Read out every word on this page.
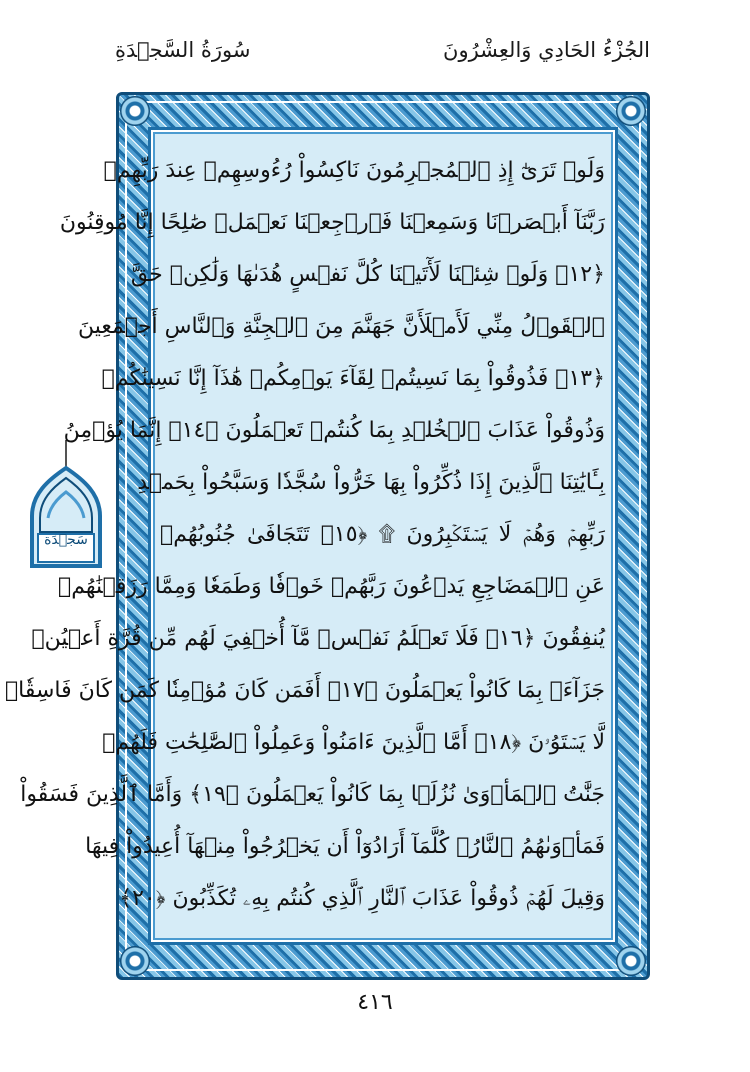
الجُزْءُ الحَادِي وَالعِشْرُونَ
سُورَةُ السَّجۡدَةِ
وَلَوۡ تَرَىٰٓ إِذِ ٱلۡمُجۡرِمُونَ نَاكِسُواْ رُءُوسِهِمۡ عِندَ رَبِّهِمۡ
رَبَّنَآ أَبۡصَرۡنَا وَسَمِعۡنَا فَٱرۡجِعۡنَا نَعۡمَلۡ صَٰلِحًا إِنَّا مُوقِنُونَ
﴿١٢﴾ وَلَوۡ شِئۡنَا لَأٓتَيۡنَا كُلَّ نَفۡسٍ هُدَىٰهَا وَلَٰكِنۡ حَقَّ
ٱلۡقَوۡلُ مِنِّي لَأَمۡلَأَنَّ جَهَنَّمَ مِنَ ٱلۡجِنَّةِ وَٱلنَّاسِ أَجۡمَعِينَ
﴿١٣﴾ فَذُوقُواْ بِمَا نَسِيتُمۡ لِقَآءَ يَوۡمِكُمۡ هَٰذَآ إِنَّا نَسِينَٰكُمۡ
وَذُوقُواْ عَذَابَ ٱلۡخُلۡدِ بِمَا كُنتُمۡ تَعۡمَلُونَ ﴿١٤﴾ إِنَّمَا يُؤۡمِنُ
بِـَٔايَٰتِنَا ٱلَّذِينَ إِذَا ذُكِّرُواْ بِهَا خَرُّواْ سُجَّدٗا وَسَبَّحُواْ بِحَمۡدِ
رَبِّهِمۡ وَهُمۡ لَا يَسۡتَكۡبِرُونَ ۩ ﴿١٥﴾ تَتَجَافَىٰ جُنُوبُهُمۡ
عَنِ ٱلۡمَضَاجِعِ يَدۡعُونَ رَبَّهُمۡ خَوۡفٗا وَطَمَعٗا وَمِمَّا رَزَقۡنَٰهُمۡ
يُنفِقُونَ ﴿١٦﴾ فَلَا تَعۡلَمُ نَفۡسٞ مَّآ أُخۡفِيَ لَهُم مِّن قُرَّةِ أَعۡيُنٖ
جَزَآءَۢ بِمَا كَانُواْ يَعۡمَلُونَ ﴿١٧﴾ أَفَمَن كَانَ مُؤۡمِنٗا كَمَن كَانَ فَاسِقٗاۚ
لَّا يَسۡتَوُۥنَ ﴿١٨﴾ أَمَّا ٱلَّذِينَ ءَامَنُواْ وَعَمِلُواْ ٱلصَّٰلِحَٰتِ فَلَهُمۡ
جَنَّٰتُ ٱلۡمَأۡوَىٰ نُزُلَۢا بِمَا كَانُواْ يَعۡمَلُونَ ﴿١٩﴾ وَأَمَّا ٱلَّذِينَ فَسَقُواْ
فَمَأۡوَىٰهُمُ ٱلنَّارُۖ كُلَّمَآ أَرَادُوٓاْ أَن يَخۡرُجُواْ مِنۡهَآ أُعِيدُواْ فِيهَا
وَقِيلَ لَهُمۡ ذُوقُواْ عَذَابَ ٱلنَّارِ ٱلَّذِي كُنتُم بِهِۦ تُكَذِّبُونَ ﴿٢٠﴾
سَجۡدَة
٤١٦
